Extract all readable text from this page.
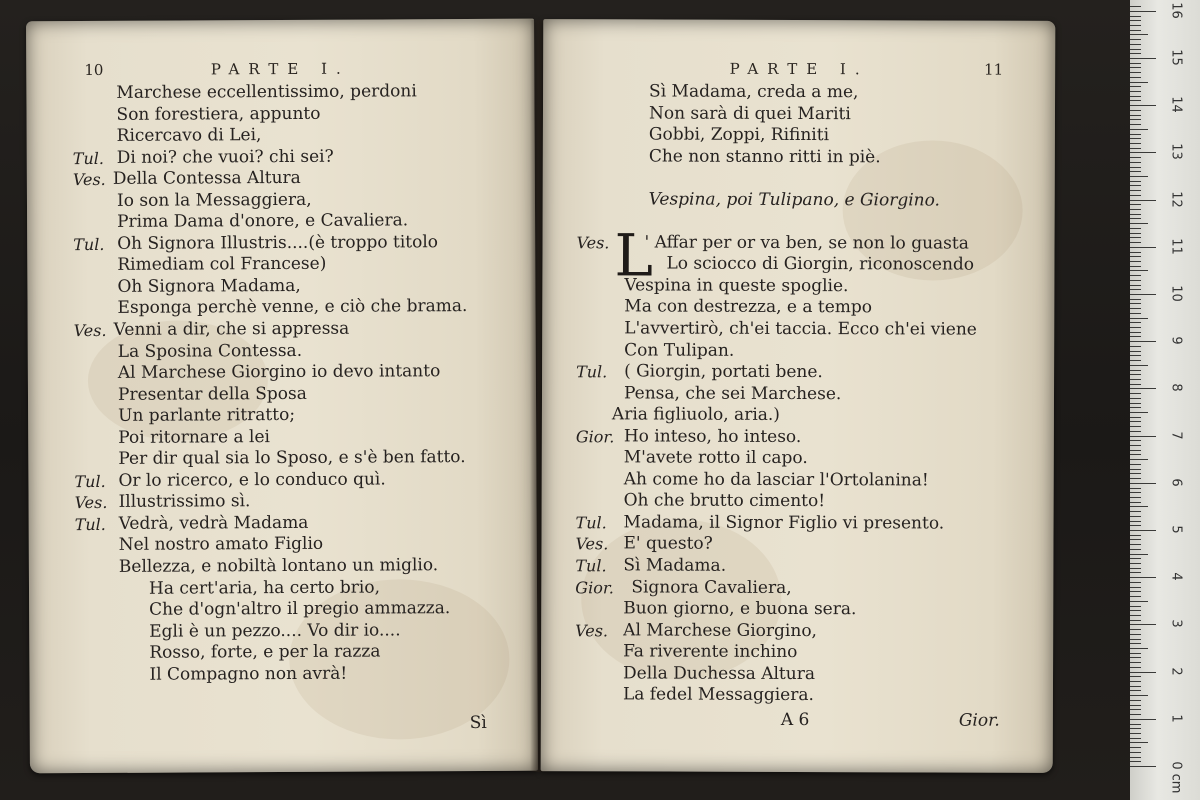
10	PARTE I.
Marchese eccellentissimo, perdoni
Son forestiera, appunto
Ricercavo di Lei,
Tul. Di noi? che vuoi? chi sei?
Ves. Della Contessa Altura
Io son la Messaggiera,
Prima Dama d'onore, e Cavaliera.
Tul. Oh Signora Illustris....(è troppo titolo
Rimediam col Francese)
Oh Signora Madama,
Esponga perchè venne, e ciò che brama.
Ves. Venni a dir, che si appressa
La Sposina Contessa.
Al Marchese Giorgino io devo intanto
Presentar della Sposa
Un parlante ritratto;
Poi ritornare a lei
Per dir qual sia lo Sposo, e s'è ben fatto.
Tul. Or lo ricerco, e lo conduco quì.
Ves. Illustrissimo sì.
Tul. Vedrà, vedrà Madama
Nel nostro amato Figlio
Bellezza, e nobiltà lontano un miglio.
Ha cert'aria, ha certo brio,
Che d'ogn'altro il pregio ammazza.
Egli è un pezzo.... Vo dir io....
Rosso, forte, e per la razza
Il Compagno non avrà!
Sì
PARTE I.	11
Sì Madama, creda a me,
Non sarà di quei Mariti
Gobbi, Zoppi, Rifiniti
Che non stanno ritti in piè.
Vespina, poi Tulipano, e Giorgino.
Ves. L
' Affar per or va ben, se non lo guasta
Lo sciocco di Giorgin, riconoscendo
Vespina in queste spoglie.
Ma con destrezza, e a tempo
L'avvertirò, ch'ei taccia. Ecco ch'ei viene
Con Tulipan.
Tul. ( Giorgin, portati bene.
Pensa, che sei Marchese.
Aria figliuolo, aria.)
Gior. Ho inteso, ho inteso.
M'avete rotto il capo.
Ah come ho da lasciar l'Ortolanina!
Oh che brutto cimento!
Tul. Madama, il Signor Figlio vi presento.
Ves. E' questo?
Tul. Sì Madama.
Gior. Signora Cavaliera,
Buon giorno, e buona sera.
Ves. Al Marchese Giorgino,
Fa riverente inchino
Della Duchessa Altura
La fedel Messaggiera.
A 6	Gior.
0
1
2
3
4
5
6
7
8
9
10
11
12
13
14
15
16
cm
